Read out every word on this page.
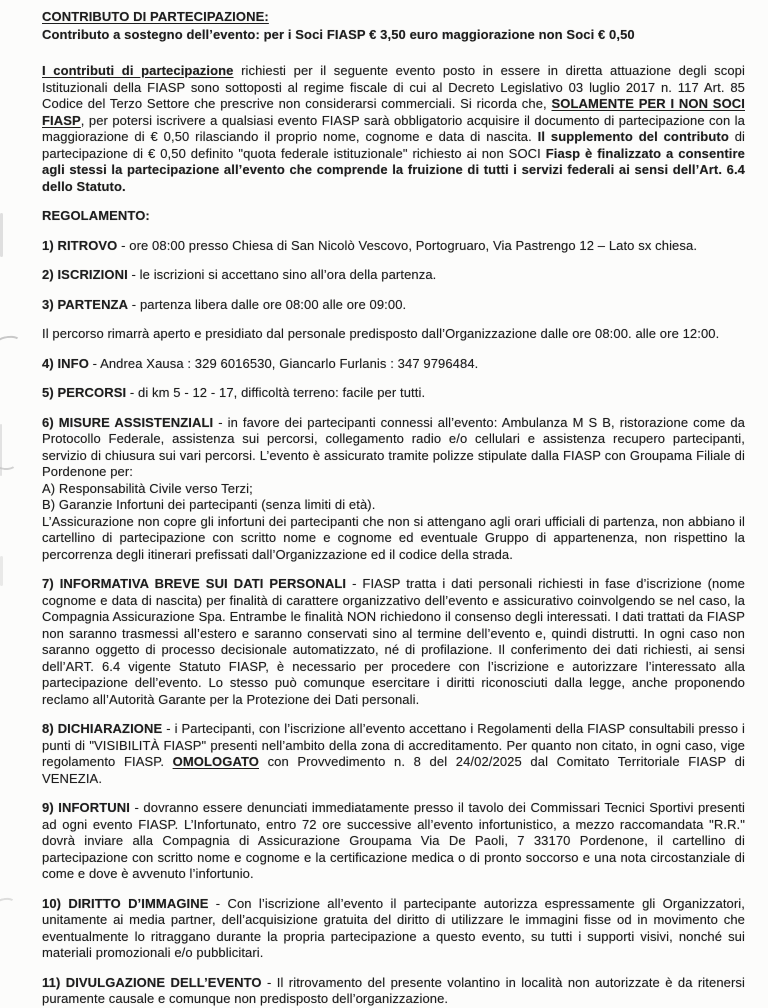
CONTRIBUTO DI PARTECIPAZIONE:

Contributo a sostegno dell’evento: per i Soci FIASP € 3,50 euro maggiorazione non Soci € 0,50

I contributi di partecipazione richiesti per il seguente evento posto in essere in diretta attuazione degli scopi Istituzionali della FIASP sono sottoposti al regime fiscale di cui al Decreto Legislativo 03 luglio 2017 n. 117 Art. 85 Codice del Terzo Settore che prescrive non considerarsi commerciali. Si ricorda che, SOLAMENTE PER I NON SOCI FIASP, per potersi iscrivere a qualsiasi evento FIASP sarà obbligatorio acquisire il documento di partecipazione con la maggiorazione di € 0,50 rilasciando il proprio nome, cognome e data di nascita. Il supplemento del contributo di partecipazione di € 0,50 definito "quota federale istituzionale" richiesto ai non SOCI Fiasp è finalizzato a consentire agli stessi la partecipazione all’evento che comprende la fruizione di tutti i servizi federali ai sensi dell’Art. 6.4 dello Statuto.

REGOLAMENTO:

1) RITROVO - ore 08:00 presso Chiesa di San Nicolò Vescovo, Portogruaro, Via Pastrengo 12 – Lato sx chiesa.

2) ISCRIZIONI - le iscrizioni si accettano sino all’ora della partenza.

3) PARTENZA - partenza libera dalle ore 08:00 alle ore 09:00.

Il percorso rimarrà aperto e presidiato dal personale predisposto dall’Organizzazione dalle ore 08:00. alle ore 12:00.

4) INFO - Andrea Xausa : 329 6016530, Giancarlo Furlanis : 347 9796484.

5) PERCORSI - di km 5 - 12 - 17, difficoltà terreno: facile per tutti.

6) MISURE ASSISTENZIALI - in favore dei partecipanti connessi all’evento: Ambulanza M S B, ristorazione come da Protocollo Federale, assistenza sui percorsi, collegamento radio e/o cellulari e assistenza recupero partecipanti, servizio di chiusura sui vari percorsi. L’evento è assicurato tramite polizze stipulate dalla FIASP con Groupama Filiale di Pordenone per:
A) Responsabilità Civile verso Terzi;
B) Garanzie Infortuni dei partecipanti (senza limiti di età).
L’Assicurazione non copre gli infortuni dei partecipanti che non si attengano agli orari ufficiali di partenza, non abbiano il cartellino di partecipazione con scritto nome e cognome ed eventuale Gruppo di appartenenza, non rispettino la percorrenza degli itinerari prefissati dall’Organizzazione ed il codice della strada.

7) INFORMATIVA BREVE SUI DATI PERSONALI - FIASP tratta i dati personali richiesti in fase d’iscrizione (nome cognome e data di nascita) per finalità di carattere organizzativo dell’evento e assicurativo coinvolgendo se nel caso, la Compagnia Assicurazione Spa. Entrambe le finalità NON richiedono il consenso degli interessati. I dati trattati da FIASP non saranno trasmessi all’estero e saranno conservati sino al termine dell’evento e, quindi distrutti. In ogni caso non saranno oggetto di processo decisionale automatizzato, né di profilazione. Il conferimento dei dati richiesti, ai sensi dell’ART. 6.4 vigente Statuto FIASP, è necessario per procedere con l’iscrizione e autorizzare l’interessato alla partecipazione dell’evento. Lo stesso può comunque esercitare i diritti riconosciuti dalla legge, anche proponendo reclamo all’Autorità Garante per la Protezione dei Dati personali.

8) DICHIARAZIONE - i Partecipanti, con l’iscrizione all’evento accettano i Regolamenti della FIASP consultabili presso i punti di "VISIBILITÀ FIASP" presenti nell’ambito della zona di accreditamento. Per quanto non citato, in ogni caso, vige regolamento FIASP. OMOLOGATO con Provvedimento n. 8 del 24/02/2025 dal Comitato Territoriale FIASP di VENEZIA.

9) INFORTUNI - dovranno essere denunciati immediatamente presso il tavolo dei Commissari Tecnici Sportivi presenti ad ogni evento FIASP. L’Infortunato, entro 72 ore successive all’evento infortunistico, a mezzo raccomandata "R.R." dovrà inviare alla Compagnia di Assicurazione Groupama Via De Paoli, 7 33170 Pordenone, il cartellino di partecipazione con scritto nome e cognome e la certificazione medica o di pronto soccorso e una nota circostanziale di come e dove è avvenuto l’infortunio.

10) DIRITTO D’IMMAGINE - Con l’iscrizione all’evento il partecipante autorizza espressamente gli Organizzatori, unitamente ai media partner, dell’acquisizione gratuita del diritto di utilizzare le immagini fisse od in movimento che eventualmente lo ritraggano durante la propria partecipazione a questo evento, su tutti i supporti visivi, nonché sui materiali promozionali e/o pubblicitari.

11) DIVULGAZIONE DELL’EVENTO - Il ritrovamento del presente volantino in località non autorizzate è da ritenersi puramente causale e comunque non predisposto dell’organizzazione.
